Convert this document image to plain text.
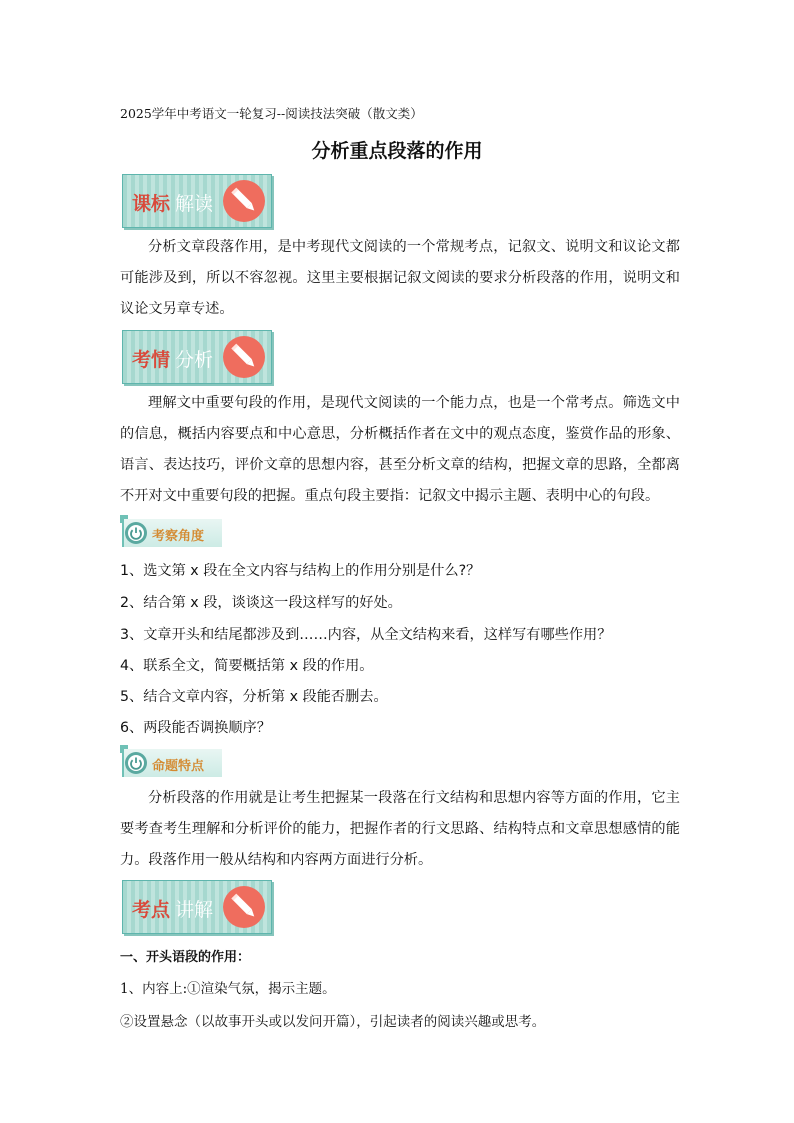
2025学年中考语文一轮复习--阅读技法突破（散文类）
分析重点段落的作用
课标 解读

分析文章段落作用，是中考现代文阅读的一个常规考点，记叙文、说明文和议论文都可能涉及到，所以不容忽视。这里主要根据记叙文阅读的要求分析段落的作用，说明文和议论文另章专述。

考情 分析

理解文中重要句段的作用，是现代文阅读的一个能力点，也是一个常考点。筛选文中的信息，概括内容要点和中心意思，分析概括作者在文中的观点态度，鉴赏作品的形象、语言、表达技巧，评价文章的思想内容，甚至分析文章的结构，把握文章的思路，全都离不开对文中重要句段的把握。重点句段主要指：记叙文中揭示主题、表明中心的句段。

考察角度
1、选文第 x 段在全文内容与结构上的作用分别是什么?？
2、结合第 x 段，谈谈这一段这样写的好处。
3、文章开头和结尾都涉及到……内容，从全文结构来看，这样写有哪些作用？
4、联系全文，简要概括第 x 段的作用。
5、结合文章内容，分析第 x 段能否删去。
6、两段能否调换顺序？
命题特点

分析段落的作用就是让考生把握某一段落在行文结构和思想内容等方面的作用，它主要考查考生理解和分析评价的能力，把握作者的行文思路、结构特点和文章思想感情的能力。段落作用一般从结构和内容两方面进行分析。

考点 讲解
一、开头语段的作用：
1、内容上:①渲染气氛，揭示主题。
②设置悬念（以故事开头或以发问开篇），引起读者的阅读兴趣或思考。
